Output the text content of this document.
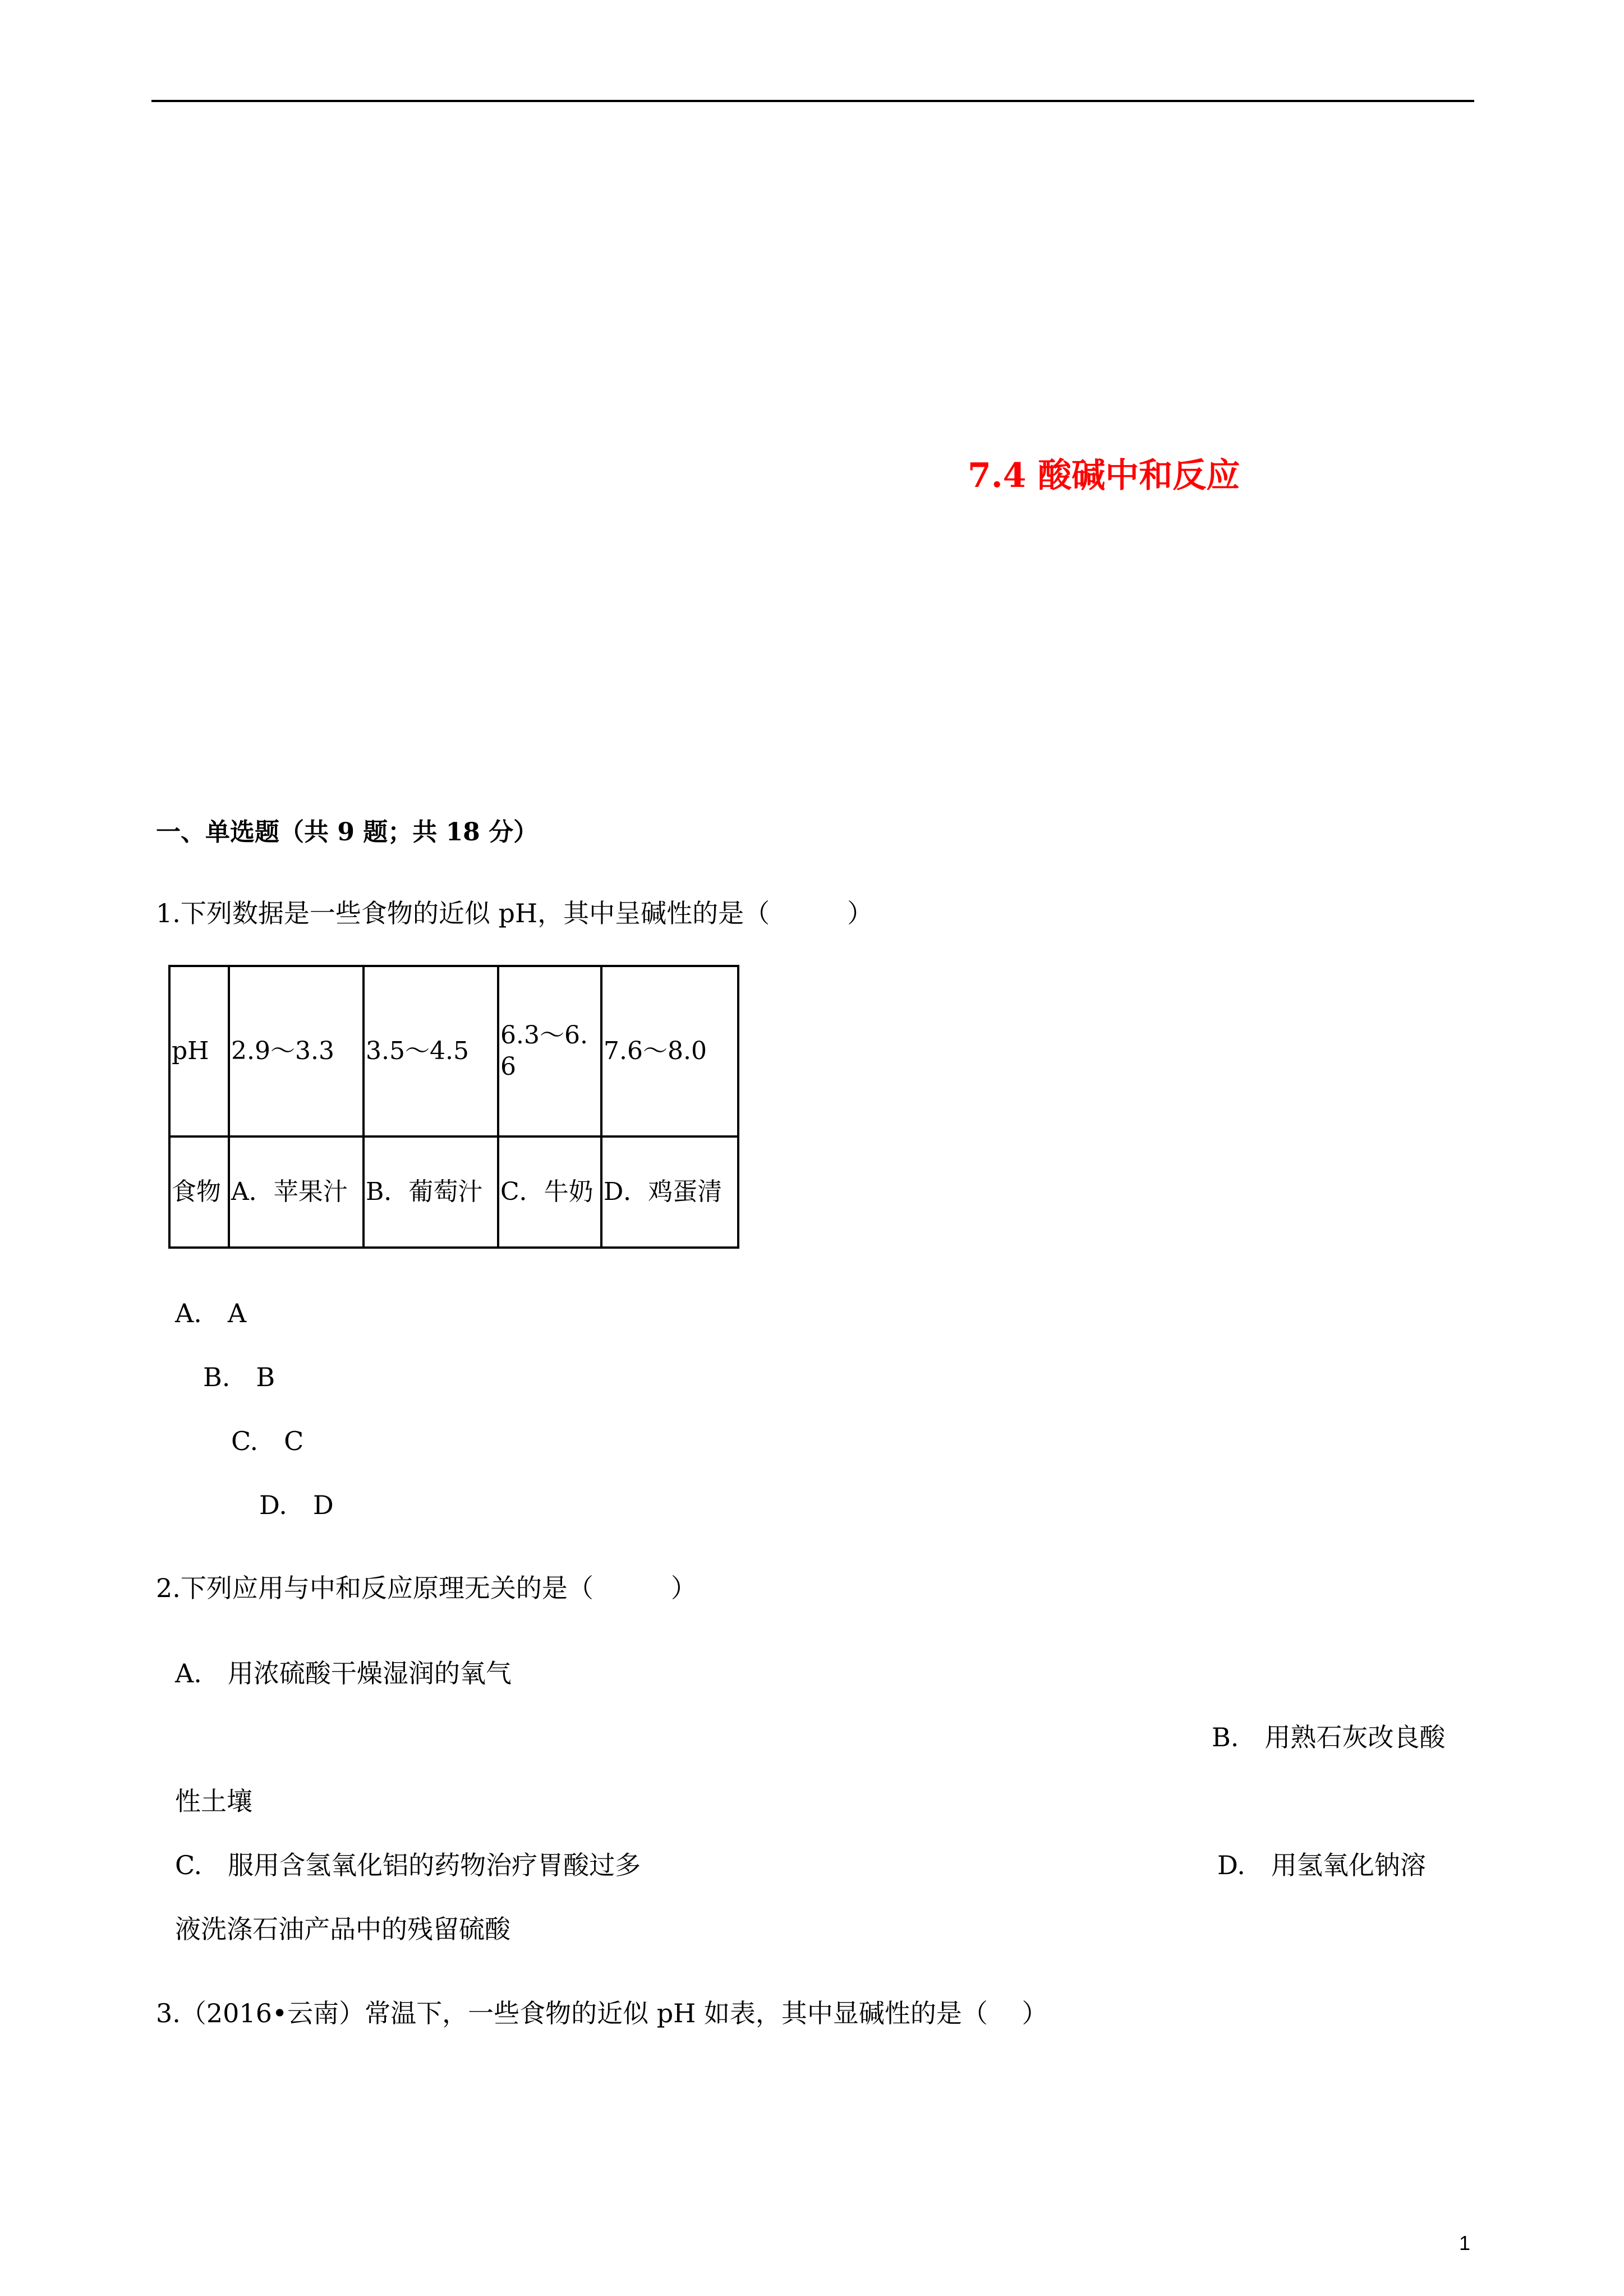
7.4 酸碱中和反应
一、单选题（共 9 题；共 18 分）
1.下列数据是一些食物的近似 pH，其中呈碱性的是（　　　）
pH	2.9～3.3	3.5～4.5	6.3～6.6	7.6～8.0
食物	A．苹果汁	B．葡萄汁	C．牛奶	D．鸡蛋清
A.　A
B.　B
C.　C
D.　D
2.下列应用与中和反应原理无关的是（　　　）
A.　用浓硫酸干燥湿润的氧气
B.　用熟石灰改良酸
性土壤
C.　服用含氢氧化铝的药物治疗胃酸过多	D.　用氢氧化钠溶
液洗涤石油产品中的残留硫酸
3.（2016•云南）常温下，一些食物的近似 pH 如表，其中显碱性的是（　 ）
1
